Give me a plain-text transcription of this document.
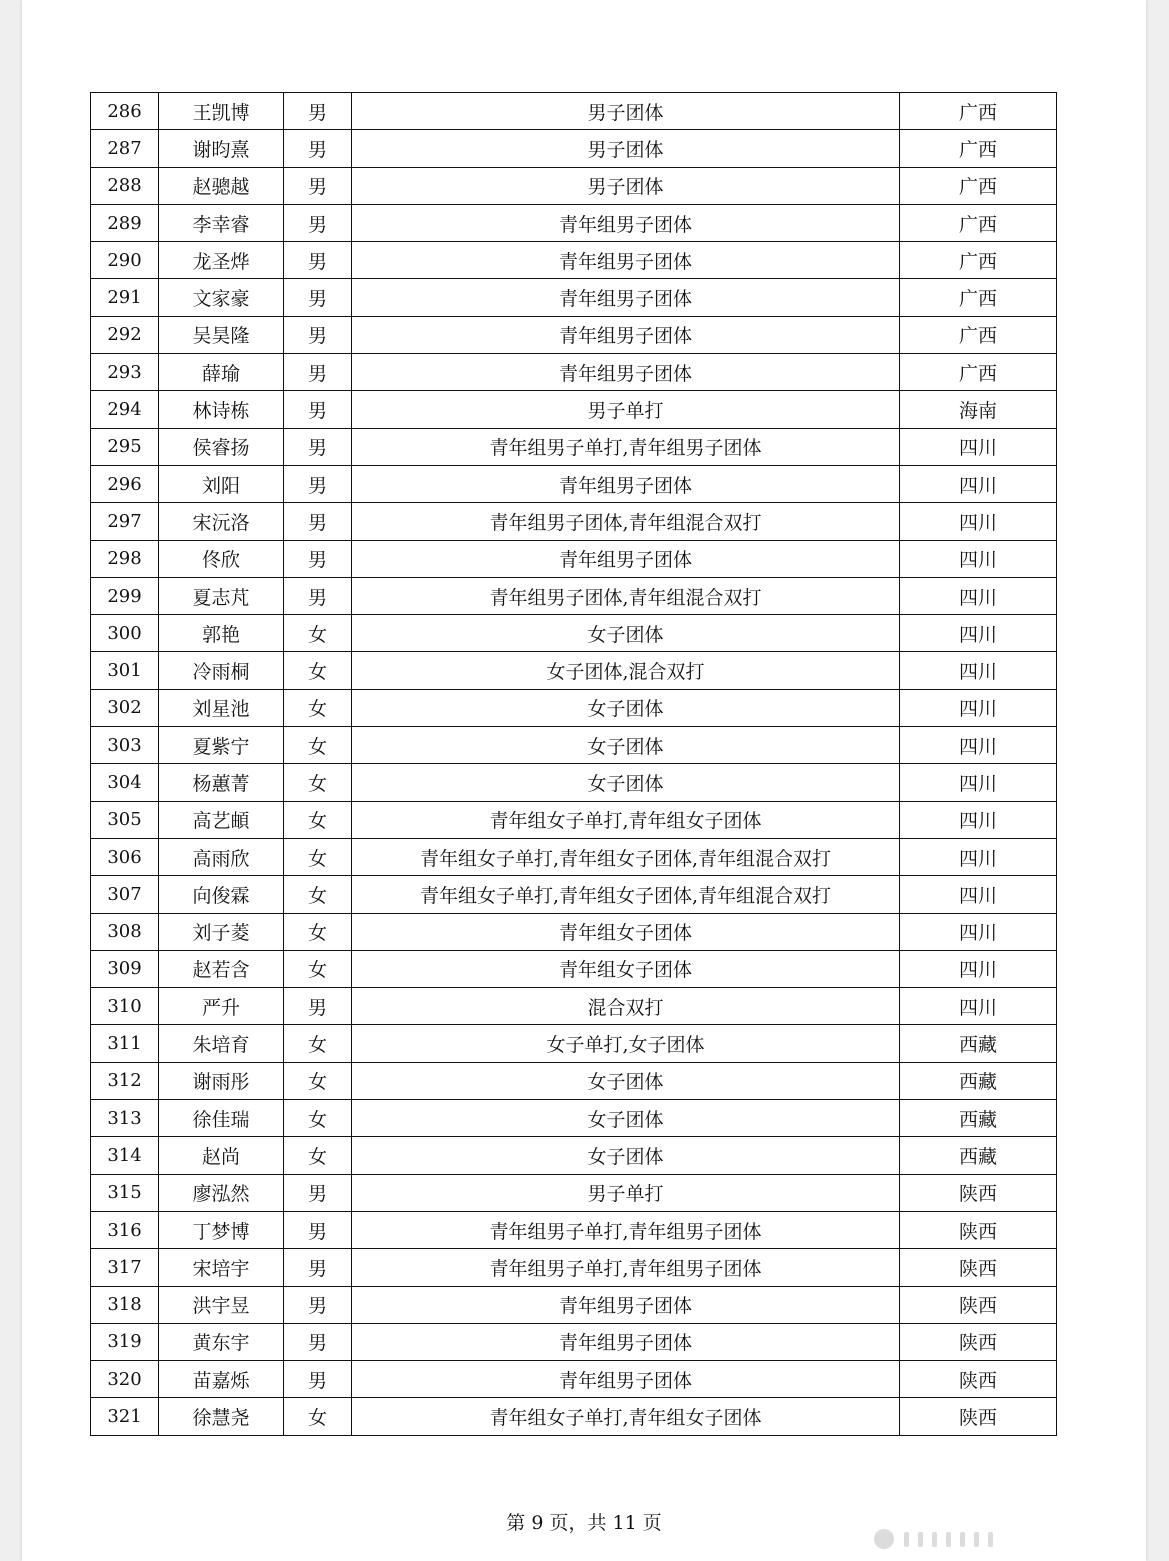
286	王凯博	男	男子团体	广西
287	谢昀熹	男	男子团体	广西
288	赵骢越	男	男子团体	广西
289	李幸睿	男	青年组男子团体	广西
290	龙圣烨	男	青年组男子团体	广西
291	文家豪	男	青年组男子团体	广西
292	吴昊隆	男	青年组男子团体	广西
293	薛瑜	男	青年组男子团体	广西
294	林诗栋	男	男子单打	海南
295	侯睿扬	男	青年组男子单打,青年组男子团体	四川
296	刘阳	男	青年组男子团体	四川
297	宋沅洛	男	青年组男子团体,青年组混合双打	四川
298	佟欣	男	青年组男子团体	四川
299	夏志芃	男	青年组男子团体,青年组混合双打	四川
300	郭艳	女	女子团体	四川
301	冷雨桐	女	女子团体,混合双打	四川
302	刘星池	女	女子团体	四川
303	夏紫宁	女	女子团体	四川
304	杨蕙菁	女	女子团体	四川
305	高艺頔	女	青年组女子单打,青年组女子团体	四川
306	高雨欣	女	青年组女子单打,青年组女子团体,青年组混合双打	四川
307	向俊霖	女	青年组女子单打,青年组女子团体,青年组混合双打	四川
308	刘子菱	女	青年组女子团体	四川
309	赵若含	女	青年组女子团体	四川
310	严升	男	混合双打	四川
311	朱培育	女	女子单打,女子团体	西藏
312	谢雨彤	女	女子团体	西藏
313	徐佳瑞	女	女子团体	西藏
314	赵尚	女	女子团体	西藏
315	廖泓然	男	男子单打	陕西
316	丁梦博	男	青年组男子单打,青年组男子团体	陕西
317	宋培宇	男	青年组男子单打,青年组男子团体	陕西
318	洪宇昱	男	青年组男子团体	陕西
319	黄东宇	男	青年组男子团体	陕西
320	苗嘉烁	男	青年组男子团体	陕西
321	徐慧尧	女	青年组女子单打,青年组女子团体	陕西
第 9 页，共 11 页
